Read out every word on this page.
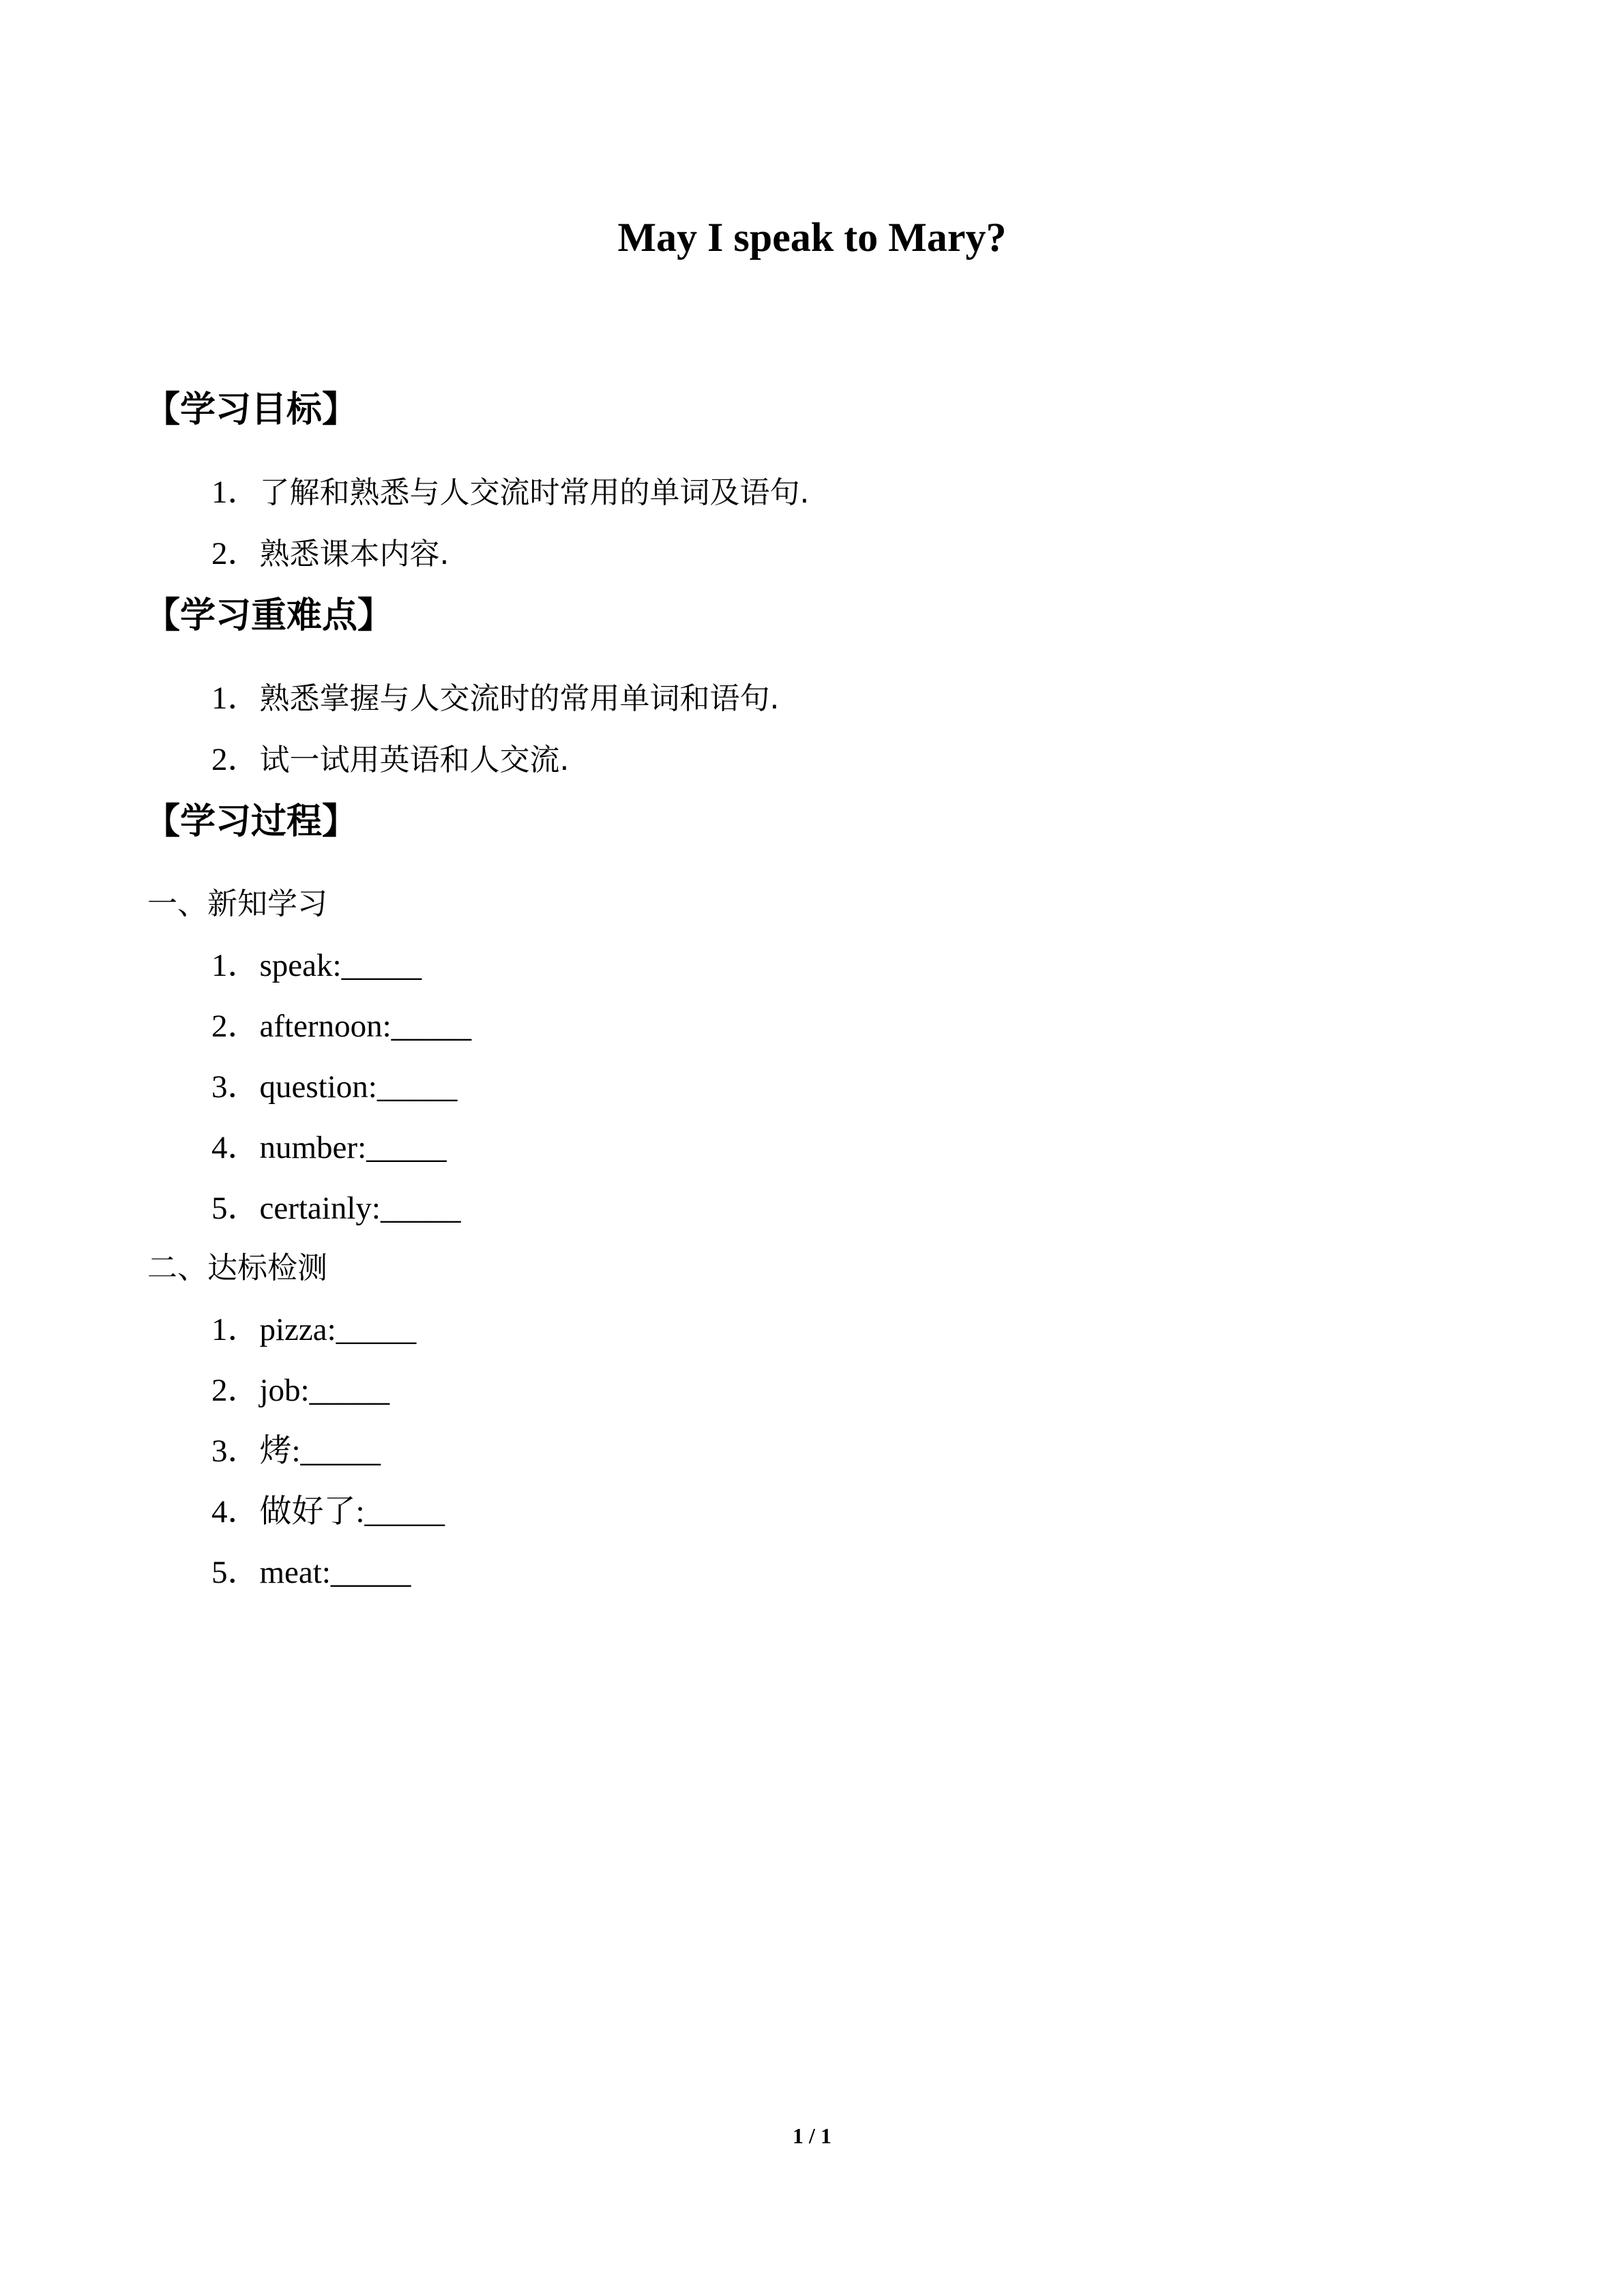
May I speak to Mary?
【学习目标】

1．了解和熟悉与人交流时常用的单词及语句.

2．熟悉课本内容.

【学习重难点】

1．熟悉掌握与人交流时的常用单词和语句.

2．试一试用英语和人交流.

【学习过程】

一、新知学习

1．speak:_____

2．afternoon:_____

3．question:_____

4．number:_____

5．certainly:_____

二、达标检测

1．pizza:_____

2．job:_____

3．烤:_____

4．做好了:_____

5．meat:_____

1 / 1
